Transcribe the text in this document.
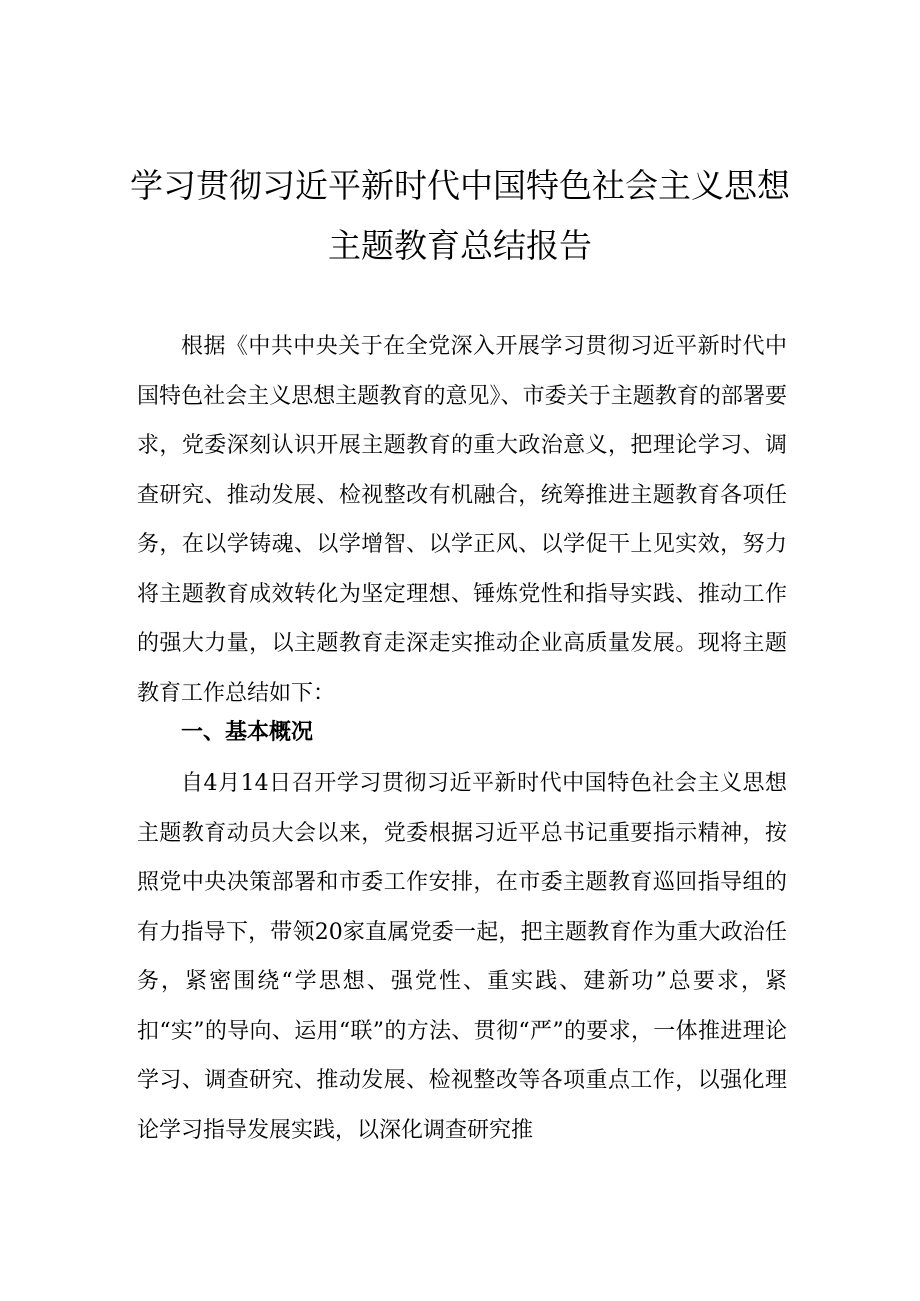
学习贯彻习近平新时代中国特色社会主义思想
主题教育总结报告

根据《中共中央关于在全党深入开展学习贯彻习近平新时代中国特色社会主义思想主题教育的意见》、市委关于主题教育的部署要求，党委深刻认识开展主题教育的重大政治意义，把理论学习、调查研究、推动发展、检视整改有机融合，统筹推进主题教育各项任务，在以学铸魂、以学增智、以学正风、以学促干上见实效，努力将主题教育成效转化为坚定理想、锤炼党性和指导实践、推动工作的强大力量，以主题教育走深走实推动企业高质量发展。现将主题教育工作总结如下：

一、基本概况

自4月14日召开学习贯彻习近平新时代中国特色社会主义思想主题教育动员大会以来，党委根据习近平总书记重要指示精神，按照党中央决策部署和市委工作安排，在市委主题教育巡回指导组的有力指导下，带领20家直属党委一起，把主题教育作为重大政治任务，紧密围绕“学思想、强党性、重实践、建新功”总要求，紧扣“实”的导向、运用“联”的方法、贯彻“严”的要求，一体推进理论学习、调查研究、推动发展、检视整改等各项重点工作，以强化理论学习指导发展实践，以深化调查研究推
